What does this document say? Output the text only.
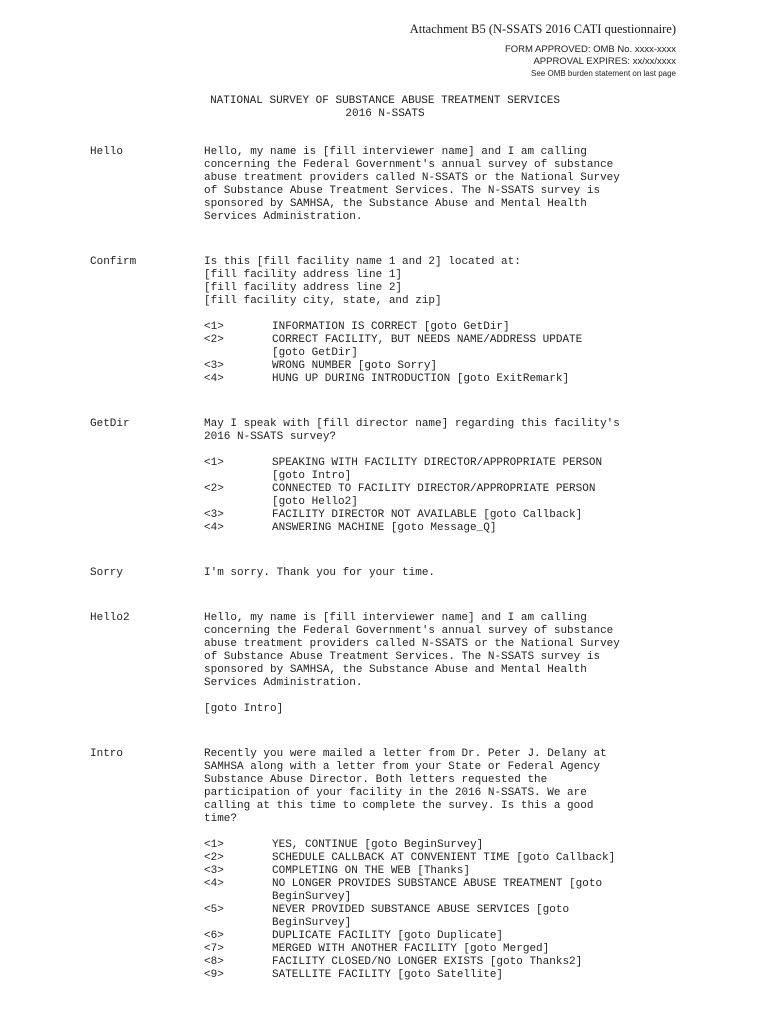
Attachment B5 (N-SSATS 2016 CATI questionnaire)
FORM APPROVED: OMB No. xxxx-xxxx
APPROVAL EXPIRES: xx/xx/xxxx
See OMB burden statement on last page
NATIONAL SURVEY OF SUBSTANCE ABUSE TREATMENT SERVICES
2016 N-SSATS
Hello	Hello, my name is [fill interviewer name] and I am calling
concerning the Federal Government's annual survey of substance
abuse treatment providers called N-SSATS or the National Survey
of Substance Abuse Treatment Services. The N-SSATS survey is
sponsored by SAMHSA, the Substance Abuse and Mental Health
Services Administration.
Confirm	Is this [fill facility name 1 and 2] located at:
[fill facility address line 1]
[fill facility address line 2]
[fill facility city, state, and zip]
<1>	INFORMATION IS CORRECT [goto GetDir]
<2>	CORRECT FACILITY, BUT NEEDS NAME/ADDRESS UPDATE
[goto GetDir]
<3>	WRONG NUMBER [goto Sorry]
<4>	HUNG UP DURING INTRODUCTION [goto ExitRemark]
GetDir	May I speak with [fill director name] regarding this facility's
2016 N-SSATS survey?
<1>	SPEAKING WITH FACILITY DIRECTOR/APPROPRIATE PERSON
[goto Intro]
<2>	CONNECTED TO FACILITY DIRECTOR/APPROPRIATE PERSON
[goto Hello2]
<3>	FACILITY DIRECTOR NOT AVAILABLE [goto Callback]
<4>	ANSWERING MACHINE [goto Message_Q]
Sorry	I'm sorry. Thank you for your time.
Hello2	Hello, my name is [fill interviewer name] and I am calling
concerning the Federal Government's annual survey of substance
abuse treatment providers called N-SSATS or the National Survey
of Substance Abuse Treatment Services. The N-SSATS survey is
sponsored by SAMHSA, the Substance Abuse and Mental Health
Services Administration.
[goto Intro]
Intro	Recently you were mailed a letter from Dr. Peter J. Delany at
SAMHSA along with a letter from your State or Federal Agency
Substance Abuse Director. Both letters requested the
participation of your facility in the 2016 N-SSATS. We are
calling at this time to complete the survey. Is this a good
time?
<1>	YES, CONTINUE [goto BeginSurvey]
<2>	SCHEDULE CALLBACK AT CONVENIENT TIME [goto Callback]
<3>	COMPLETING ON THE WEB [Thanks]
<4>	NO LONGER PROVIDES SUBSTANCE ABUSE TREATMENT [goto
BeginSurvey]
<5>	NEVER PROVIDED SUBSTANCE ABUSE SERVICES [goto
BeginSurvey]
<6>	DUPLICATE FACILITY [goto Duplicate]
<7>	MERGED WITH ANOTHER FACILITY [goto Merged]
<8>	FACILITY CLOSED/NO LONGER EXISTS [goto Thanks2]
<9>	SATELLITE FACILITY [goto Satellite]
